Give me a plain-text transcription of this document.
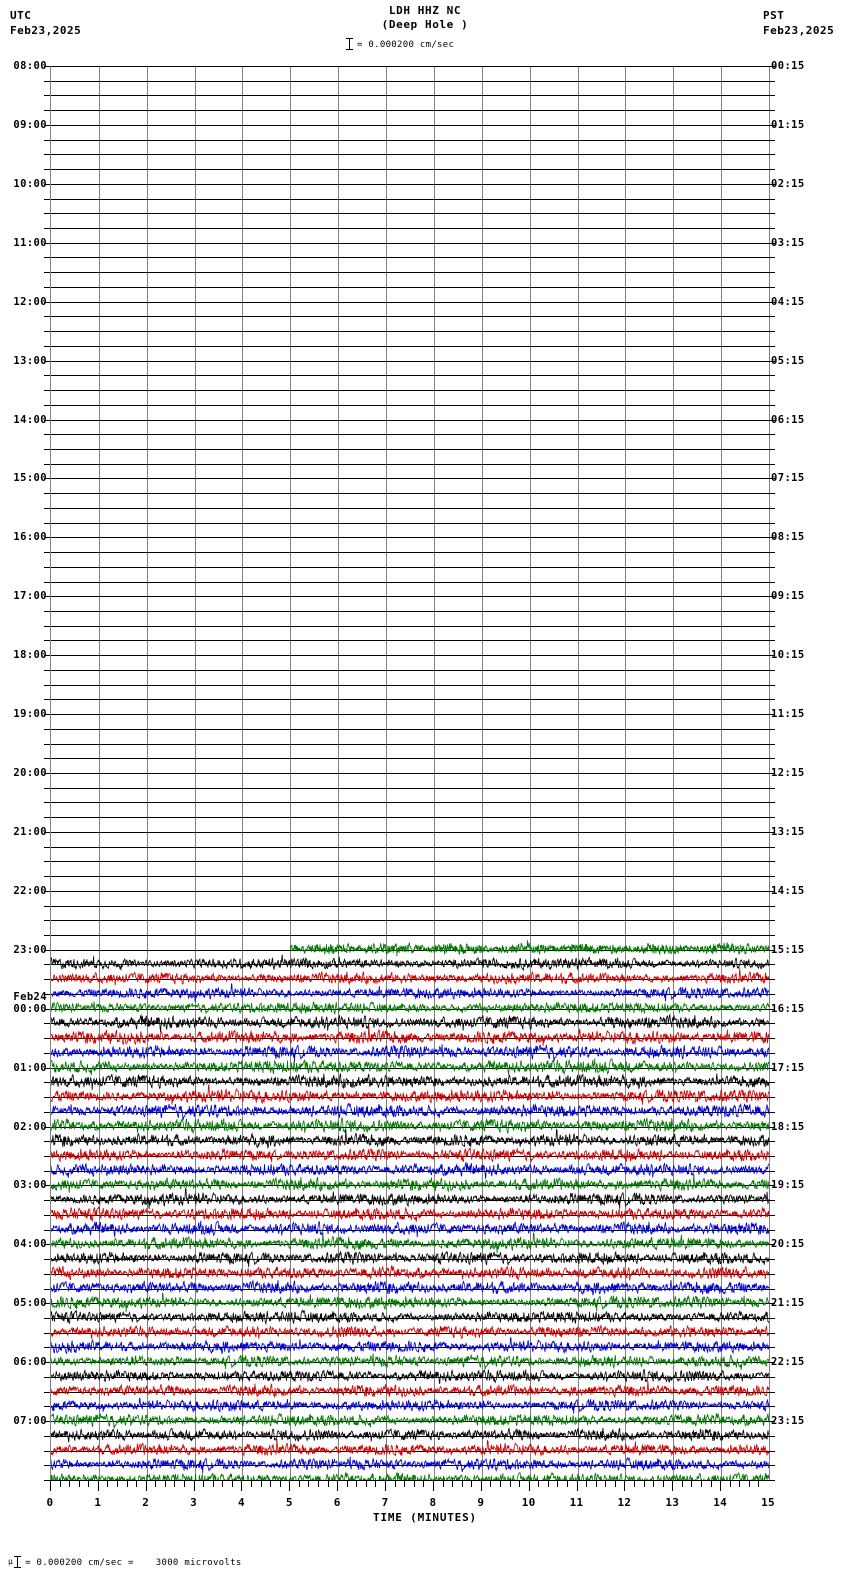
UTC
Feb23,2025
LDH HHZ NC
(Deep Hole )
= 0.000200 cm/sec
PST
Feb23,2025
08:00
09:00
10:00
11:00
12:00
13:00
14:00
15:00
16:00
17:00
18:00
19:00
20:00
21:00
22:00
23:00
00:00
01:00
02:00
03:00
04:00
05:00
06:00
07:00
Feb24
00:15
01:15
02:15
03:15
04:15
05:15
06:15
07:15
08:15
09:15
10:15
11:15
12:15
13:15
14:15
15:15
16:15
17:15
18:15
19:15
20:15
21:15
22:15
23:15
0	1	2	3	4	5	6	7	8	9	10	11	12	13	14	15
TIME (MINUTES)
μ = 0.000200 cm/sec = 3000 microvolts
